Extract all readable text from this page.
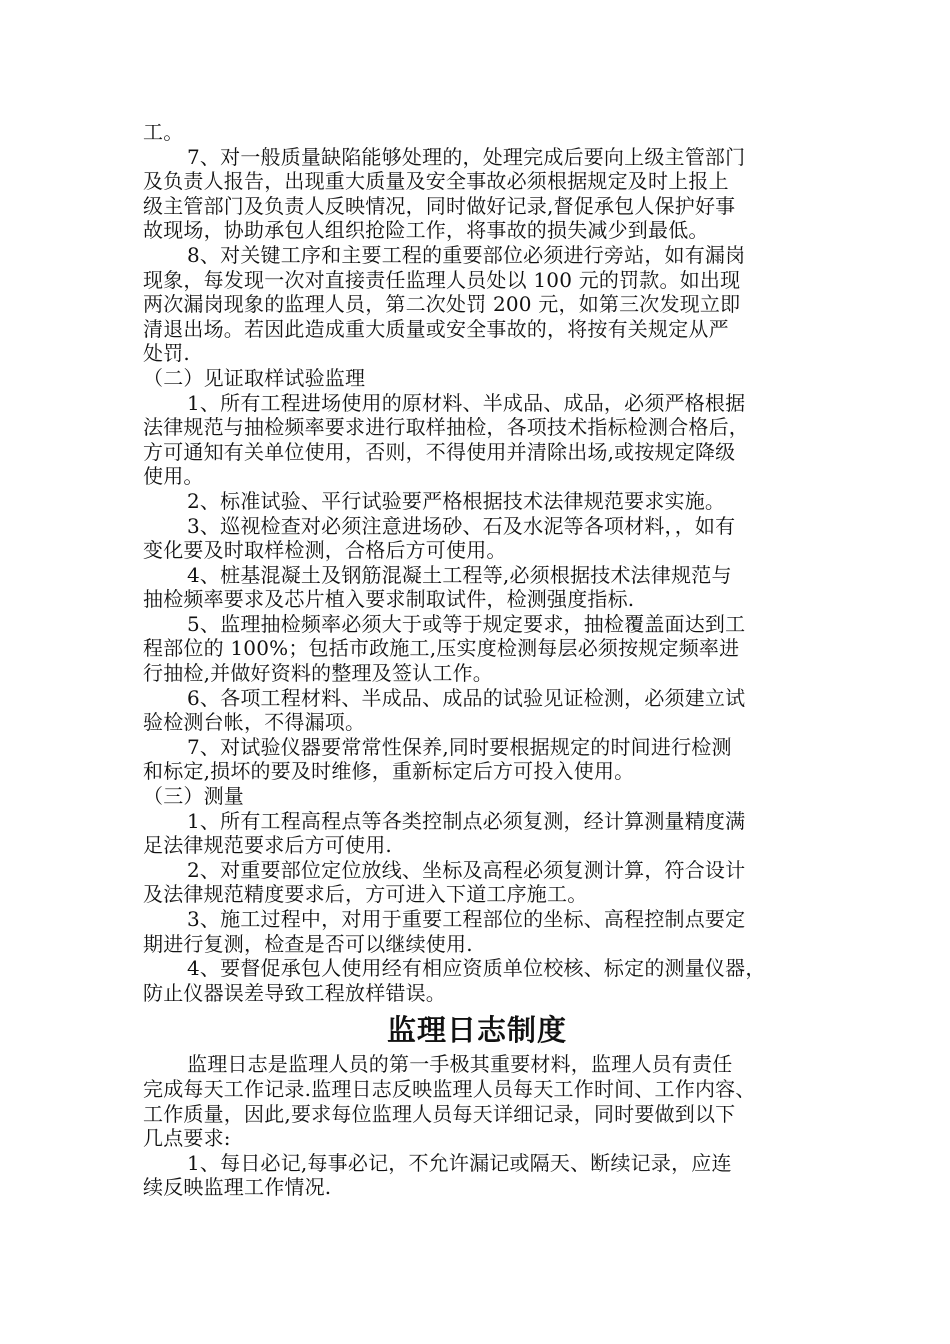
工。
7、对一般质量缺陷能够处理的，处理完成后要向上级主管部门
及负责人报告，出现重大质量及安全事故必须根据规定及时上报上
级主管部门及负责人反映情况，同时做好记录,督促承包人保护好事
故现场，协助承包人组织抢险工作，将事故的损失减少到最低。
8、对关键工序和主要工程的重要部位必须进行旁站，如有漏岗
现象，每发现一次对直接责任监理人员处以 100 元的罚款。如出现
两次漏岗现象的监理人员，第二次处罚 200 元，如第三次发现立即
清退出场。若因此造成重大质量或安全事故的，将按有关规定从严
处罚.
（二）见证取样试验监理
1、所有工程进场使用的原材料、半成品、成品，必须严格根据
法律规范与抽检频率要求进行取样抽检，各项技术指标检测合格后，
方可通知有关单位使用，否则，不得使用并清除出场,或按规定降级
使用。
2、标准试验、平行试验要严格根据技术法律规范要求实施。
3、巡视检查对必须注意进场砂、石及水泥等各项材料，，如有
变化要及时取样检测，合格后方可使用。
4、桩基混凝土及钢筋混凝土工程等,必须根据技术法律规范与
抽检频率要求及芯片植入要求制取试件，检测强度指标.
5、监理抽检频率必须大于或等于规定要求，抽检覆盖面达到工
程部位的 100%；包括市政施工,压实度检测每层必须按规定频率进
行抽检,并做好资料的整理及签认工作。
6、各项工程材料、半成品、成品的试验见证检测，必须建立试
验检测台帐，不得漏项。
7、对试验仪器要常常性保养,同时要根据规定的时间进行检测
和标定,损坏的要及时维修，重新标定后方可投入使用。
（三）测量
1、所有工程高程点等各类控制点必须复测，经计算测量精度满
足法律规范要求后方可使用.
2、对重要部位定位放线、坐标及高程必须复测计算，符合设计
及法律规范精度要求后，方可进入下道工序施工。
3、施工过程中，对用于重要工程部位的坐标、高程控制点要定
期进行复测，检查是否可以继续使用.
4、要督促承包人使用经有相应资质单位校核、标定的测量仪器，
防止仪器误差导致工程放样错误。
监理日志制度
监理日志是监理人员的第一手极其重要材料，监理人员有责任
完成每天工作记录.监理日志反映监理人员每天工作时间、工作内容、
工作质量，因此,要求每位监理人员每天详细记录，同时要做到以下
几点要求:
1、每日必记,每事必记，不允许漏记或隔天、断续记录，应连
续反映监理工作情况.
